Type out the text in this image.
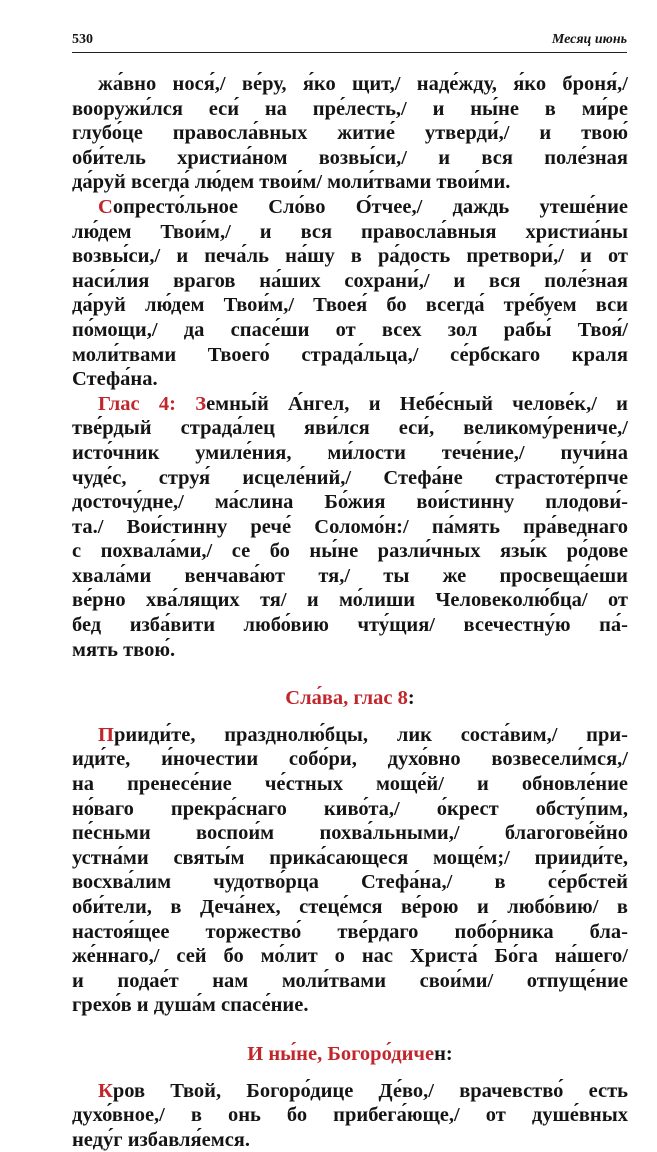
530	Месяц июнь
жа́вно нося́,/ ве́ру, я́ко щит,/ наде́жду, я́ко броня́,/
вооружи́лся еси́ на пре́лесть,/ и ны́не в ми́ре
глубо́це правосла́вных житие́ утверди́,/ и твою́
оби́тель христиа́ном возвы́си,/ и вся поле́зная
да́руй всегда́ лю́дем твои́м/ моли́твами твои́ми.
Сопресто́льное Сло́во О́тчее,/ даждь утеше́ние
лю́дем Твои́м,/ и вся правосла́вныя христиа́ны
возвы́си,/ и печа́ль на́шу в ра́дость претвори́,/ и от
наси́лия врагов на́ших сохрани́,/ и вся поле́зная
да́руй лю́дем Твои́м,/ Твоея́ бо всегда́ тре́буем вси
по́мощи,/ да спасе́ши от всех зол рабы́ Твоя́/
моли́твами Твоего́ страда́льца,/ се́рбскаго краля
Стефа́на.
Глас 4: Земны́й А́нгел, и Небе́сный челове́к,/ и
тве́рдый страда́лец яви́лся еси́, великому́рениче,/
исто́чник умиле́ния, ми́лости тече́ние,/ пучи́на
чуде́с, струя́ исцеле́ний,/ Стефа́не страстоте́рпче
досточу́дне,/ ма́слина Бо́жия вои́стинну плодови́-
та./ Вои́стинну рече́ Соломо́н:/ па́мять пра́веднаго
с похвала́ми,/ се бо ны́не разли́чных язы́к ро́дове
хвала́ми венчава́ют тя,/ ты же просвеща́еши
ве́рно хва́лящих тя/ и мо́лиши Человеколю́бца/ от
бед изба́вити любо́вию чту́щия/ всечестну́ю па́-
мять твою́.
Сла́ва, глас 8:
Прииди́те, празднолю́бцы, лик соста́вим,/ при-
иди́те, и́ночестии собо́ри, духо́вно возвесели́мся,/
на пренесе́ние че́стных моще́й/ и обновле́ние
но́ваго прекра́снаго киво́та,/ о́крест обсту́пим,
пе́сньми воспои́м похва́льными,/ благогове́йно
устна́ми святы́м прика́сающеся моще́м;/ прииди́те,
восхва́лим чудотво́рца Стефа́на,/ в се́рбстей
оби́тели, в Деча́нех, стеце́мся ве́рою и любо́вию/ в
настоя́щее торжество́ тве́рдаго побо́рника бла-
же́ннаго,/ сей бо мо́лит о нас Христа́ Бо́га на́шего/
и подае́т нам моли́твами свои́ми/ отпуще́ние
грехо́в и душа́м спасе́ние.
И ны́не, Богоро́дичен:
Кров Твой, Богоро́дице Де́во,/ врачевство́ есть
духо́вное,/ в онь бо прибега́юще,/ от душе́вных
неду́г избавля́емся.
